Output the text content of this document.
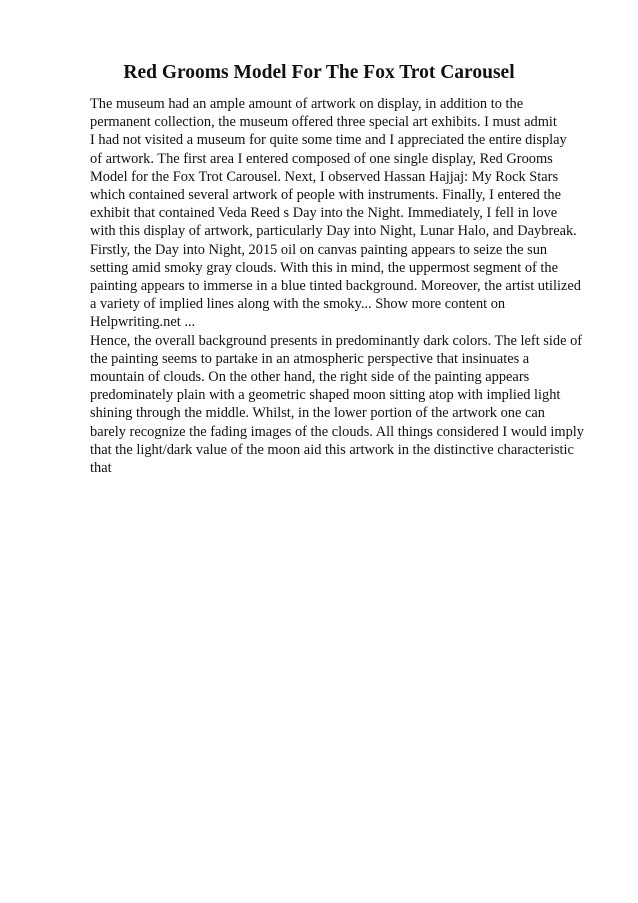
Red Grooms Model For The Fox Trot Carousel
The museum had an ample amount of artwork on display, in addition to the
permanent collection, the museum offered three special art exhibits. I must admit
I had not visited a museum for quite some time and I appreciated the entire display
of artwork. The first area I entered composed of one single display, Red Grooms
Model for the Fox Trot Carousel. Next, I observed Hassan Hajjaj: My Rock Stars
which contained several artwork of people with instruments. Finally, I entered the
exhibit that contained Veda Reed s Day into the Night. Immediately, I fell in love
with this display of artwork, particularly Day into Night, Lunar Halo, and Daybreak.
Firstly, the Day into Night, 2015 oil on canvas painting appears to seize the sun
setting amid smoky gray clouds. With this in mind, the uppermost segment of the
painting appears to immerse in a blue tinted background. Moreover, the artist utilized
a variety of implied lines along with the smoky... Show more content on
Helpwriting.net ...
Hence, the overall background presents in predominantly dark colors. The left side of
the painting seems to partake in an atmospheric perspective that insinuates a
mountain of clouds. On the other hand, the right side of the painting appears
predominately plain with a geometric shaped moon sitting atop with implied light
shining through the middle. Whilst, in the lower portion of the artwork one can
barely recognize the fading images of the clouds. All things considered I would imply
that the light/dark value of the moon aid this artwork in the distinctive characteristic
that
